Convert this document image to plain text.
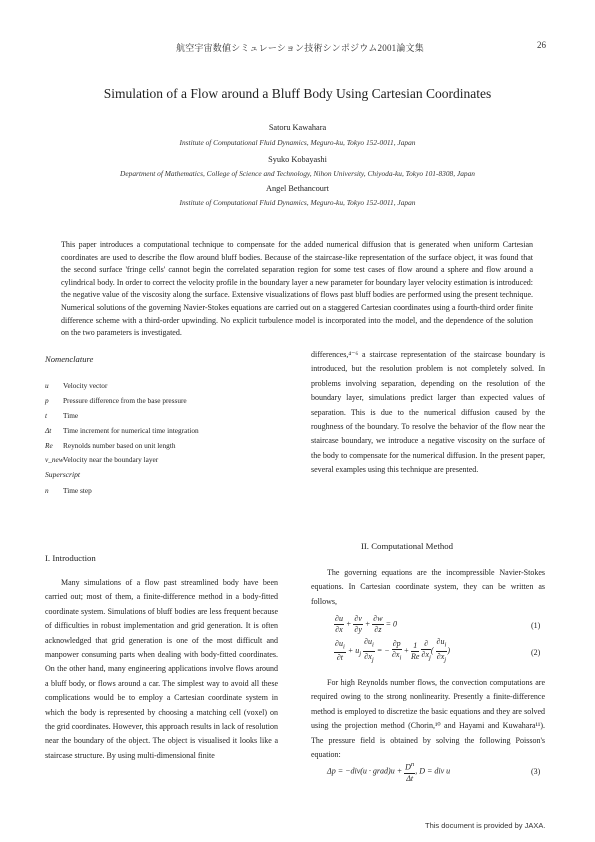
航空宇宙数値シミュレーション技術シンポジウム2001論文集	26
Simulation of a Flow around a Bluff Body Using Cartesian Coordinates
Satoru Kawahara
Institute of Computational Fluid Dynamics, Meguro-ku, Tokyo 152-0011, Japan
Syuko Kobayashi
Department of Mathematics, College of Science and Technology, Nihon University, Chiyoda-ku, Tokyo 101-8308, Japan
Angel Bethancourt
Institute of Computational Fluid Dynamics, Meguro-ku, Tokyo 152-0011, Japan
This paper introduces a computational technique to compensate for the added numerical diffusion that is generated when uniform Cartesian coordinates are used to describe the flow around bluff bodies. Because of the staircase-like representation of the surface object, it was found that the second surface 'fringe cells' cannot begin the correlated separation region for some test cases of flow around a sphere and flow around a cylindrical body. In order to correct the velocity profile in the boundary layer a new parameter for boundary layer velocity estimation is introduced: the negative value of the viscosity along the surface. Extensive visualizations of flows past bluff bodies are performed using the present technique. Numerical solutions of the governing Navier-Stokes equations are carried out on a staggered Cartesian coordinates using a fourth-third order finite difference scheme with a third-order upwinding. No explicit turbulence model is incorporated into the model, and the dependence of the solution on the two parameters is investigated.
Nomenclature
u Velocity vector
p Pressure difference from the base pressure
t Time
Δt Time increment for numerical time integration
Re Reynolds number based on unit length
ν_newVelocity near the boundary layer
Superscript
n Time step
I. Introduction

Many simulations of a flow past streamlined body have been carried out; most of them, a finite-difference method in a body-fitted coordinate system. Simulations of bluff bodies are less frequent because of difficulties in robust implementation and grid generation. It is often acknowledged that grid generation is one of the most difficult and manpower consuming parts when dealing with body-fitted coordinates. On the other hand, many engineering applications involve flows around a bluff body, or flows around a car. The simplest way to avoid all these complications would be to employ a Cartesian coordinate system in which the body is represented by choosing a matching cell (voxel) on the grid coordinates. However, this approach results in lack of resolution near the boundary of the object. The object is visualised it looks like a staircase structure. By using multi-dimensional finite

differences,⁴⁻⁶ a staircase representation of the staircase boundary is introduced, but the resolution problem is not completely solved. In problems involving separation, depending on the resolution of the boundary layer, simulations predict larger than expected values of separation. This is due to the numerical diffusion caused by the roughness of the boundary. To resolve the behavior of the flow near the staircase boundary, we introduce a negative viscosity on the surface of the body to compensate for the numerical diffusion. In the present paper, several examples using this technique are presented.

II. Computational Method

The governing equations are the incompressible Navier-Stokes equations. In Cartesian coordinate system, they can be written as follows,

$\frac{\partial u}{\partial x} + \frac{\partial v}{\partial y} + \frac{\partial w}{\partial z} = 0$	(1)
$\frac{\partial u_i}{\partial t} + u_j \frac{\partial u_i}{\partial x_j}$ = − $\frac{\partial p}{\partial x_i} + \frac{1}{Re}$
$\frac{\partial}{\partial x_j}$ ( $\frac{\partial u_i}{\partial x_j}$ )	(2)

For high Reynolds number flows, the convection computations are required owing to the strong nonlinearity. Presently a finite-difference method is employed to discretize the basic equations and they are solved using the projection method (Chorin,¹⁰ and Hayami and Kuwahara¹¹). The pressure field is obtained by solving the following Poisson's equation:

Δp = −div(u · grad)u + $\frac{D^n}{\Delta t}$ , D = div u	(3)
This document is provided by JAXA.
